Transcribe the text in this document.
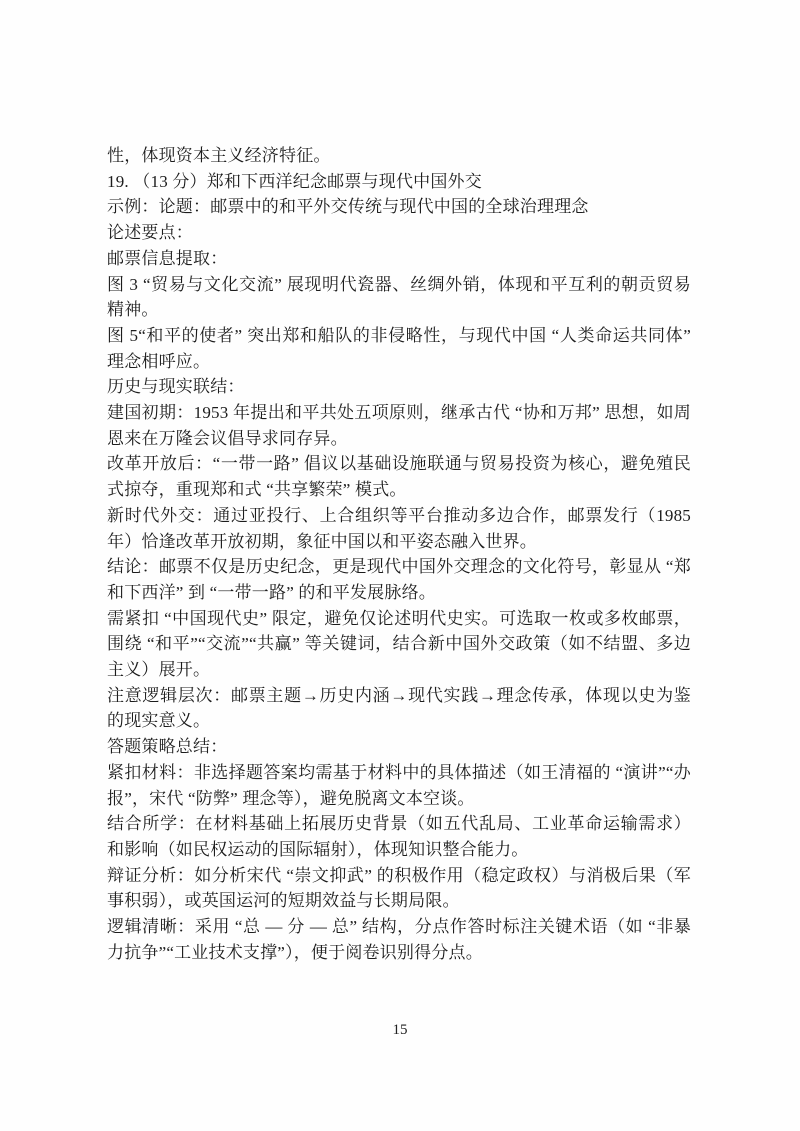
性，体现资本主义经济特征。

19. （13 分）郑和下西洋纪念邮票与现代中国外交

示例：论题：邮票中的和平外交传统与现代中国的全球治理理念

论述要点：

邮票信息提取：

图 3 “贸易与文化交流” 展现明代瓷器、丝绸外销，体现和平互利的朝贡贸易精神。

图 5“和平的使者” 突出郑和船队的非侵略性，与现代中国 “人类命运共同体” 理念相呼应。

历史与现实联结：

建国初期：1953 年提出和平共处五项原则，继承古代 “协和万邦” 思想，如周恩来在万隆会议倡导求同存异。

改革开放后：“一带一路” 倡议以基础设施联通与贸易投资为核心，避免殖民式掠夺，重现郑和式 “共享繁荣” 模式。

新时代外交：通过亚投行、上合组织等平台推动多边合作，邮票发行（1985 年）恰逢改革开放初期，象征中国以和平姿态融入世界。

结论：邮票不仅是历史纪念，更是现代中国外交理念的文化符号，彰显从 “郑和下西洋” 到 “一带一路” 的和平发展脉络。

需紧扣 “中国现代史” 限定，避免仅论述明代史实。可选取一枚或多枚邮票，围绕 “和平”“交流”“共赢” 等关键词，结合新中国外交政策（如不结盟、多边主义）展开。

注意逻辑层次：邮票主题→历史内涵→现代实践→理念传承，体现以史为鉴的现实意义。

答题策略总结：

紧扣材料：非选择题答案均需基于材料中的具体描述（如王清福的 “演讲”“办报”，宋代 “防弊” 理念等），避免脱离文本空谈。

结合所学：在材料基础上拓展历史背景（如五代乱局、工业革命运输需求）和影响（如民权运动的国际辐射），体现知识整合能力。

辩证分析：如分析宋代 “崇文抑武” 的积极作用（稳定政权）与消极后果（军事积弱），或英国运河的短期效益与长期局限。

逻辑清晰：采用 “总 — 分 — 总” 结构，分点作答时标注关键术语（如 “非暴力抗争”“工业技术支撑”），便于阅卷识别得分点。

15
